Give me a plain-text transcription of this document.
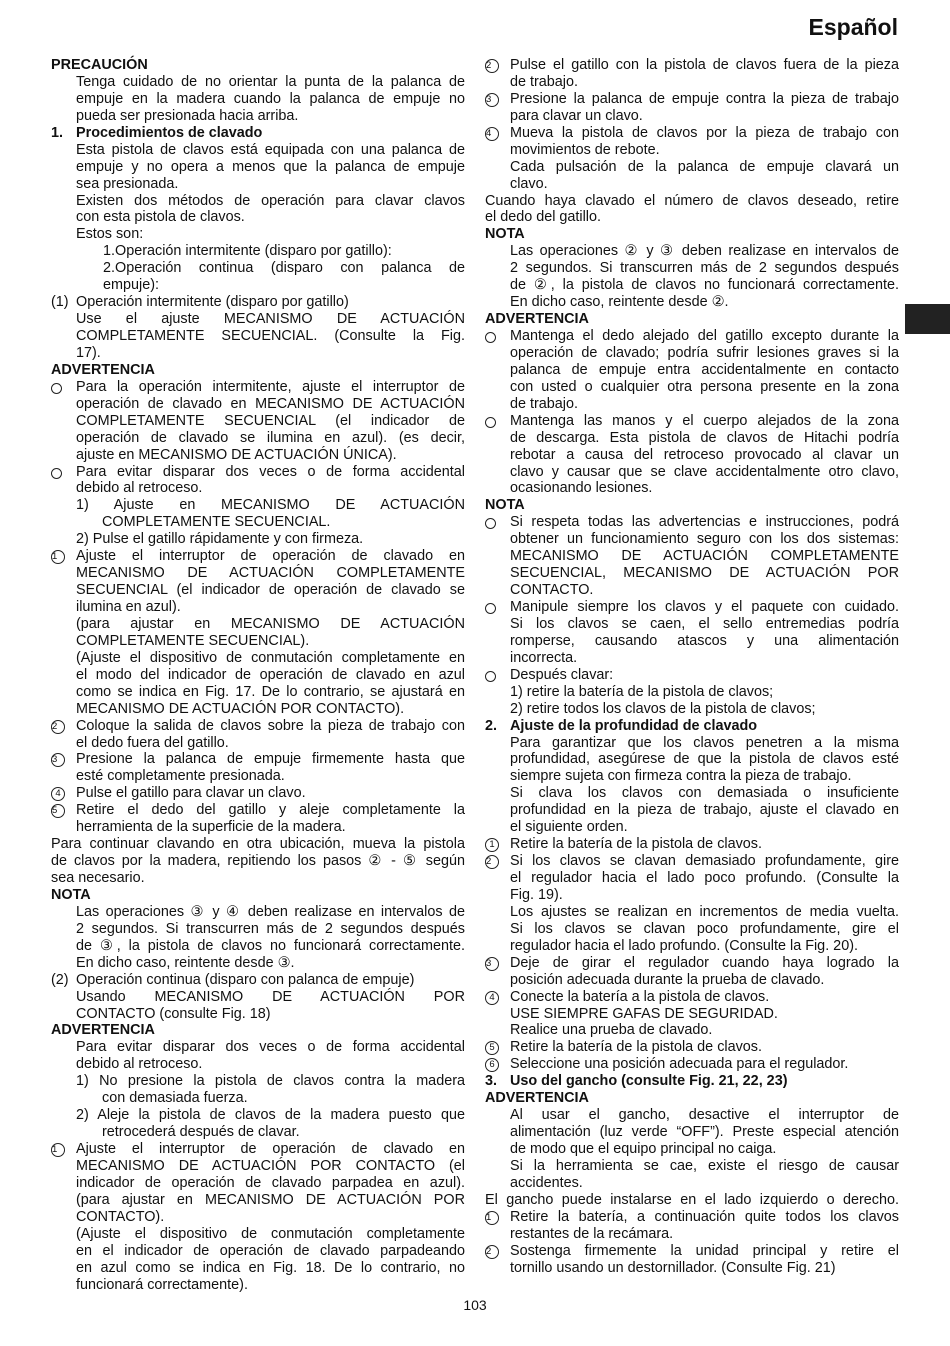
Español
PRECAUCIÓN
Tenga cuidado de no orientar la punta de la palanca de
empuje en la madera cuando la palanca de empuje no
pueda ser presionada hacia arriba.
1. Procedimientos de clavado
Esta pistola de clavos está equipada con una palanca de
empuje y no opera a menos que la palanca de empuje
sea presionada.
Existen dos métodos de operación para clavar clavos
con esta pistola de clavos.
Estos son:
1.Operación intermitente (disparo por gatillo):
2.Operación continua (disparo con palanca de
empuje):
(1) Operación intermitente (disparo por gatillo)
Use el ajuste MECANISMO DE ACTUACIÓN
COMPLETAMENTE SECUENCIAL. (Consulte la Fig.
17).
ADVERTENCIA
Para la operación intermitente, ajuste el interruptor de
operación de clavado en MECANISMO DE ACTUACIÓN
COMPLETAMENTE SECUENCIAL (el indicador de
operación de clavado se ilumina en azul). (es decir,
ajuste en MECANISMO DE ACTUACIÓN ÚNICA).
Para evitar disparar dos veces o de forma accidental
debido al retroceso.
1) Ajuste en MECANISMO DE ACTUACIÓN
COMPLETAMENTE SECUENCIAL.
2) Pulse el gatillo rápidamente y con firmeza.
1	Ajuste el interruptor de operación de clavado en
MECANISMO DE ACTUACIÓN COMPLETAMENTE
SECUENCIAL (el indicador de operación de clavado se
ilumina en azul).
(para ajustar en MECANISMO DE ACTUACIÓN
COMPLETAMENTE SECUENCIAL).
(Ajuste el dispositivo de conmutación completamente en
el modo del indicador de operación de clavado en azul
como se indica en Fig. 17. De lo contrario, se ajustará en
MECANISMO DE ACTUACIÓN POR CONTACTO).
2	Coloque la salida de clavos sobre la pieza de trabajo con
el dedo fuera del gatillo.
3	Presione la palanca de empuje firmemente hasta que
esté completamente presionada.
4	Pulse el gatillo para clavar un clavo.
5	Retire el dedo del gatillo y aleje completamente la
herramienta de la superficie de la madera.
Para continuar clavando en otra ubicación, mueva la pistola
de clavos por la madera, repitiendo los pasos ② - ⑤ según
sea necesario.
NOTA
Las operaciones ③ y ④ deben realizase en intervalos de
2 segundos. Si transcurren más de 2 segundos después
de ③, la pistola de clavos no funcionará correctamente.
En dicho caso, reintente desde ③.
(2) Operación continua (disparo con palanca de empuje)
Usando MECANISMO DE ACTUACIÓN POR
CONTACTO (consulte Fig. 18)
ADVERTENCIA
Para evitar disparar dos veces o de forma accidental
debido al retroceso.
1) No presione la pistola de clavos contra la madera
con demasiada fuerza.
2) Aleje la pistola de clavos de la madera puesto que
retrocederá después de clavar.
1	Ajuste el interruptor de operación de clavado en
MECANISMO DE ACTUACIÓN POR CONTACTO (el
indicador de operación de clavado parpadea en azul).
(para ajustar en MECANISMO DE ACTUACIÓN POR
CONTACTO).
(Ajuste el dispositivo de conmutación completamente
en el indicador de operación de clavado parpadeando
en azul como se indica en Fig. 18. De lo contrario, no
funcionará correctamente).
2	Pulse el gatillo con la pistola de clavos fuera de la pieza
de trabajo.
3	Presione la palanca de empuje contra la pieza de trabajo
para clavar un clavo.
4	Mueva la pistola de clavos por la pieza de trabajo con
movimientos de rebote.
Cada pulsación de la palanca de empuje clavará un
clavo.
Cuando haya clavado el número de clavos deseado, retire
el dedo del gatillo.
NOTA
Las operaciones ② y ③ deben realizase en intervalos de
2 segundos. Si transcurren más de 2 segundos después
de ②, la pistola de clavos no funcionará correctamente.
En dicho caso, reintente desde ②.
ADVERTENCIA
Mantenga el dedo alejado del gatillo excepto durante la
operación de clavado; podría sufrir lesiones graves si la
palanca de empuje entra accidentalmente en contacto
con usted o cualquier otra persona presente en la zona
de trabajo.
Mantenga las manos y el cuerpo alejados de la zona
de descarga. Esta pistola de clavos de Hitachi podría
rebotar a causa del retroceso provocado al clavar un
clavo y causar que se clave accidentalmente otro clavo,
ocasionando lesiones.
NOTA
Si respeta todas las advertencias e instrucciones, podrá
obtener un funcionamiento seguro con los dos sistemas:
MECANISMO DE ACTUACIÓN COMPLETAMENTE
SECUENCIAL, MECANISMO DE ACTUACIÓN POR
CONTACTO.
Manipule siempre los clavos y el paquete con cuidado.
Si los clavos se caen, el sello entremedias podría
romperse, causando atascos y una alimentación
incorrecta.
Después clavar:
1) retire la batería de la pistola de clavos;
2) retire todos los clavos de la pistola de clavos;
2. Ajuste de la profundidad de clavado
Para garantizar que los clavos penetren a la misma
profundidad, asegúrese de que la pistola de clavos esté
siempre sujeta con firmeza contra la pieza de trabajo.
Si clava los clavos con demasiada o insuficiente
profundidad en la pieza de trabajo, ajuste el clavado en
el siguiente orden.
1	Retire la batería de la pistola de clavos.
2	Si los clavos se clavan demasiado profundamente, gire
el regulador hacia el lado poco profundo. (Consulte la
Fig. 19).
Los ajustes se realizan en incrementos de media vuelta.
Si los clavos se clavan poco profundamente, gire el
regulador hacia el lado profundo. (Consulte la Fig. 20).
3	Deje de girar el regulador cuando haya logrado la
posición adecuada durante la prueba de clavado.
4	Conecte la batería a la pistola de clavos.
USE SIEMPRE GAFAS DE SEGURIDAD.
Realice una prueba de clavado.
5	Retire la batería de la pistola de clavos.
6	Seleccione una posición adecuada para el regulador.
3. Uso del gancho (consulte Fig. 21, 22, 23)
ADVERTENCIA
Al usar el gancho, desactive el interruptor de
alimentación (luz verde “OFF”). Preste especial atención
de modo que el equipo principal no caiga.
Si la herramienta se cae, existe el riesgo de causar
accidentes.
El gancho puede instalarse en el lado izquierdo o derecho.
1	Retire la batería, a continuación quite todos los clavos
restantes de la recámara.
2	Sostenga firmemente la unidad principal y retire el
tornillo usando un destornillador. (Consulte Fig. 21)
103
